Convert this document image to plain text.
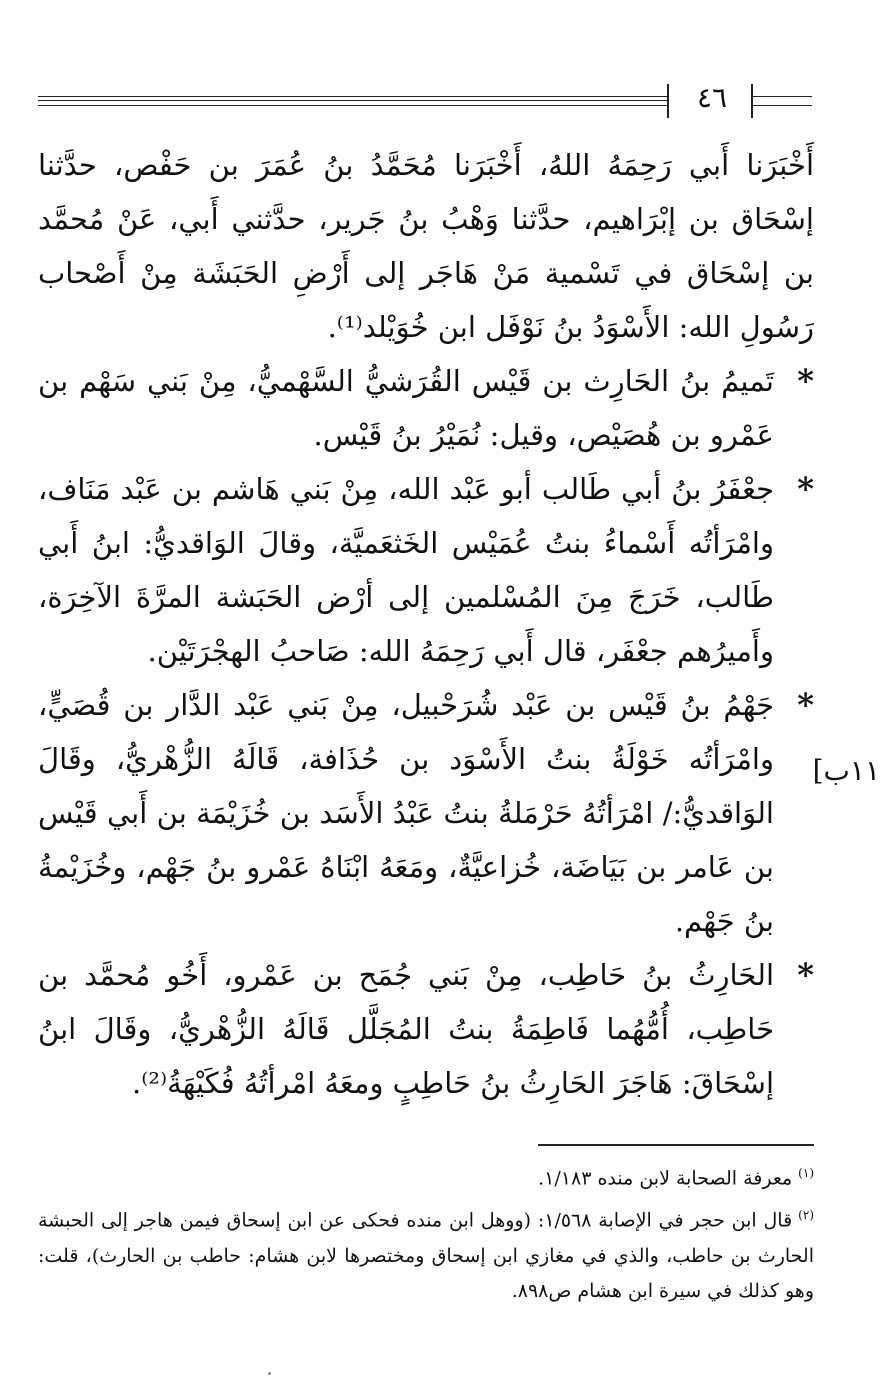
٤٦
١١ب]

أَخْبَرَنا أَبي رَحِمَهُ اللهُ، أَخْبَرَنا مُحَمَّدُ بنُ عُمَرَ بن حَفْص، حدَّثنا إسْحَاق بن إبْرَاهيم، حدَّثنا وَهْبُ بنُ جَرير، حدَّثني أَبي، عَنْ مُحمَّد بن إسْحَاق في تَسْمية مَنْ هَاجَر إلى أَرْضِ الحَبَشَة مِنْ أَصْحاب رَسُولِ الله: الأَسْوَدُ بنُ نَوْفَل ابن خُوَيْلد⁽¹⁾.

*

تَميمُ بنُ الحَارِث بن قَيْس القُرَشيُّ السَّهْميُّ، مِنْ بَني سَهْم بن عَمْرو بن هُصَيْص، وقيل: نُمَيْرُ بنُ قَيْس.

*

جعْفَرُ بنُ أبي طَالب أبو عَبْد الله، مِنْ بَني هَاشم بن عَبْد مَنَاف، وامْرَأتُه أَسْماءُ بنتُ عُمَيْس الخَثعَميَّة، وقالَ الوَاقديُّ: ابنُ أَبي طَالب، خَرَجَ مِنَ المُسْلمين إلى أرْض الحَبَشة المرَّةَ الآخِرَة، وأَميرُهم جعْفَر، قال أَبي رَحِمَهُ الله: صَاحبُ الهجْرَتَيْن.

*

جَهْمُ بنُ قَيْس بن عَبْد شُرَحْبيل، مِنْ بَني عَبْد الدَّار بن قُصَيٍّ، وامْرَأتُه خَوْلَةُ بنتُ الأَسْوَد بن حُذَافة، قَالَهُ الزُّهْريُّ، وقَالَ الوَاقديُّ:/ امْرَأتُهُ حَرْمَلةُ بنتُ عَبْدُ الأَسَد بن خُزَيْمَة بن أَبي قَيْس بن عَامر بن بَيَاضَة، خُزاعيَّةٌ، ومَعَهُ ابْنَاهُ عَمْرو بنُ جَهْم، وخُزَيْمةُ بنُ جَهْم.

*

الحَارِثُ بنُ حَاطِب، مِنْ بَني جُمَح بن عَمْرو، أَخُو مُحمَّد بن حَاطِب، أُمُّهُما فَاطِمَةُ بنتُ المُجَلَّل قَالَهُ الزُّهْريُّ، وقَالَ ابنُ إسْحَاقَ: هَاجَرَ الحَارِثُ بنُ حَاطِبٍ ومعَهُ امْرأتُهُ فُكَيْهَةُ⁽²⁾.

$^{(١)}$معرفة الصحابة لابن منده ١/١٨٣.

$^{(٢)}$قال ابن حجر في الإصابة ١/٥٦٨: (ووهل ابن منده فحكى عن ابن إسحاق فيمن هاجر إلى الحبشة الحارث بن حاطب، والذي في مغازي ابن إسحاق ومختصرها لابن هشام: حاطب بن الحارث)، قلت: وهو كذلك في سيرة ابن هشام ص٨٩٨.
